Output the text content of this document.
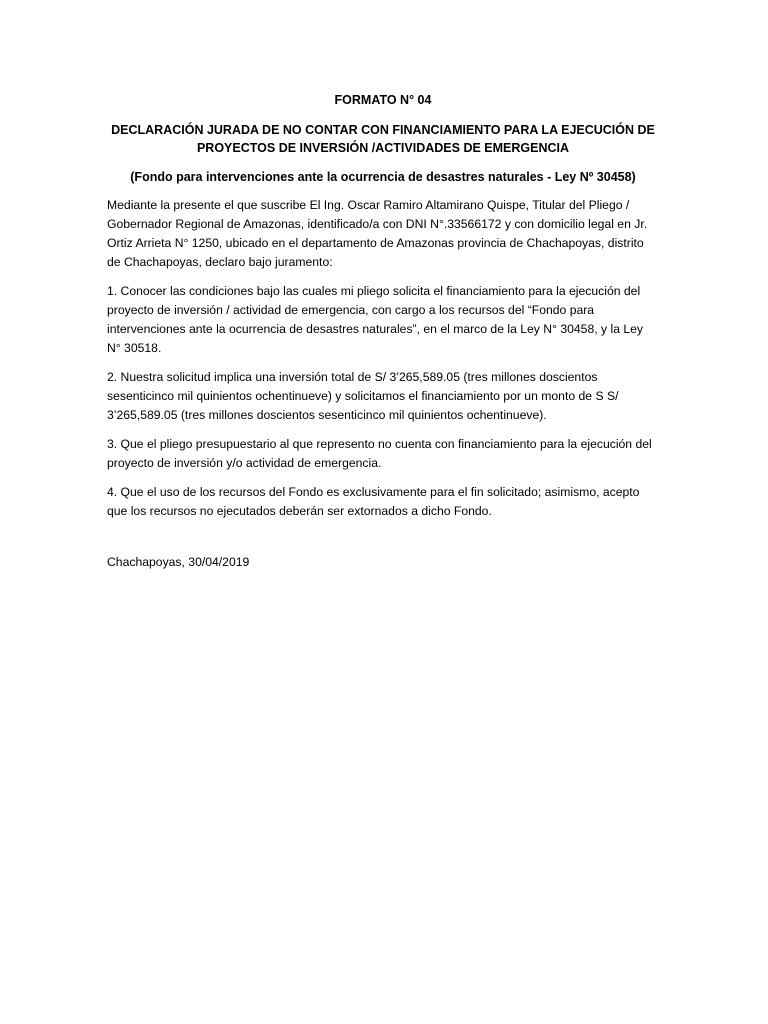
FORMATO N° 04
DECLARACIÓN JURADA DE NO CONTAR CON FINANCIAMIENTO PARA LA EJECUCIÓN DE
PROYECTOS DE INVERSIÓN /ACTIVIDADES DE EMERGENCIA
(Fondo para intervenciones ante la ocurrencia de desastres naturales - Ley Nº 30458)

Mediante la presente el que suscribe El Ing. Oscar Ramiro Altamirano Quispe, Titular del Pliego / Gobernador Regional de Amazonas, identificado/a con DNI N°.33566172 y con domicilio legal en Jr. Ortiz Arrieta N° 1250, ubicado en el departamento de Amazonas provincia de Chachapoyas, distrito de Chachapoyas, declaro bajo juramento:

1. Conocer las condiciones bajo las cuales mi pliego solicita el financiamiento para la ejecución del proyecto de inversión / actividad de emergencia, con cargo a los recursos del “Fondo para intervenciones ante la ocurrencia de desastres naturales”, en el marco de la Ley N° 30458, y la Ley N° 30518.

2. Nuestra solicitud implica una inversión total de S/ 3’265,589.05 (tres millones doscientos sesenticinco mil quinientos ochentinueve) y solicitamos el financiamiento por un monto de S S/ 3’265,589.05 (tres millones doscientos sesenticinco mil quinientos ochentinueve).

3. Que el pliego presupuestario al que represento no cuenta con financiamiento para la ejecución del proyecto de inversión y/o actividad de emergencia.

4. Que el uso de los recursos del Fondo es exclusivamente para el fin solicitado; asimismo, acepto que los recursos no ejecutados deberán ser extornados a dicho Fondo.

Chachapoyas, 30/04/2019
